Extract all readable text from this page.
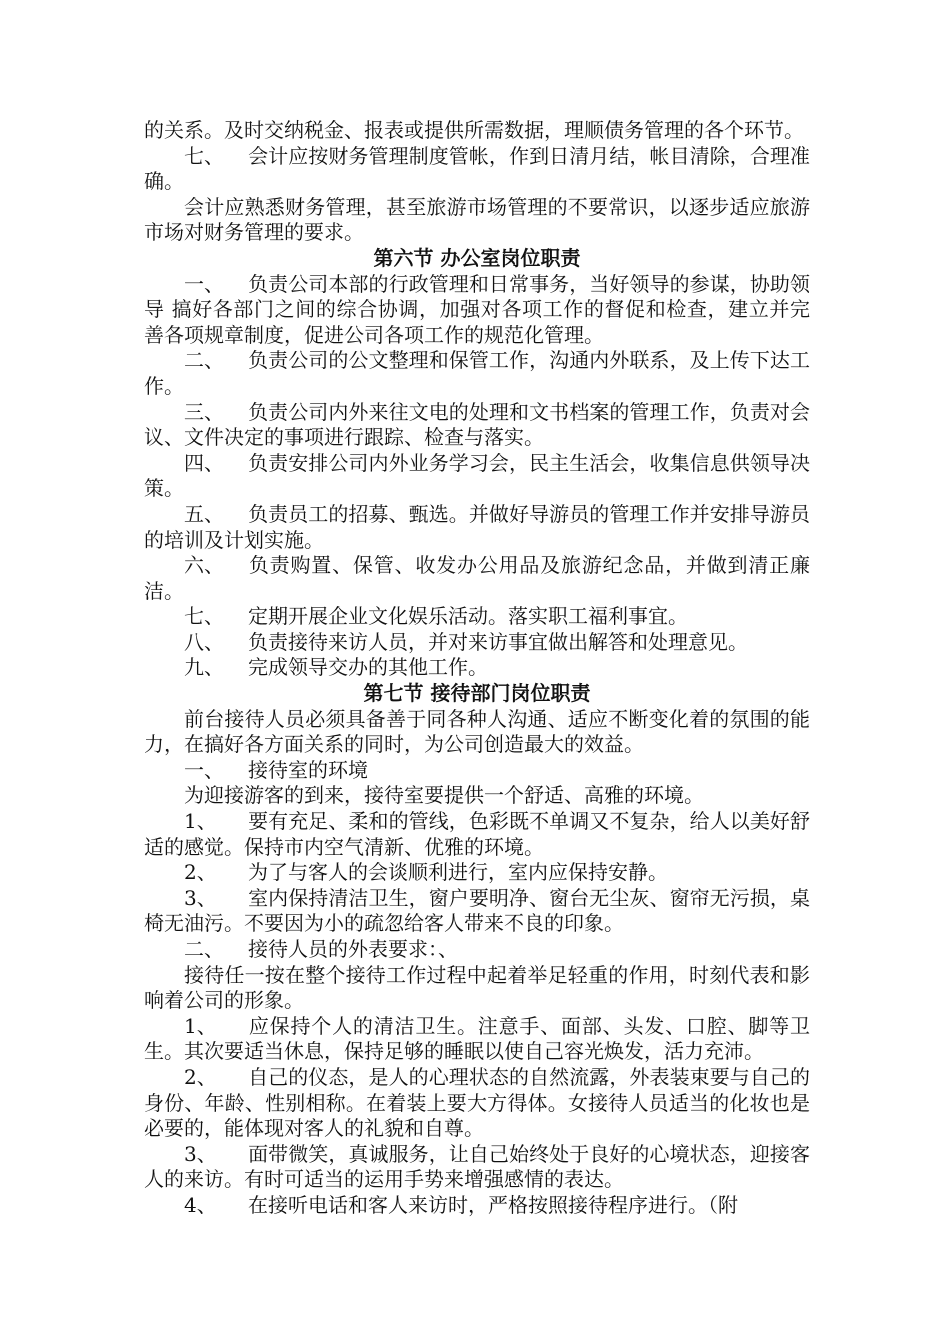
的关系。及时交纳税金、报表或提供所需数据，理顺债务管理的各个环节。

七、 会计应按财务管理制度管帐，作到日清月结，帐目清除，合理准确。

会计应熟悉财务管理，甚至旅游市场管理的不要常识，以逐步适应旅游市场对财务管理的要求。

第六节 办公室岗位职责

一、 负责公司本部的行政管理和日常事务，当好领导的参谋，协助领导 搞好各部门之间的综合协调，加强对各项工作的督促和检查，建立并完善各项规章制度，促进公司各项工作的规范化管理。

二、 负责公司的公文整理和保管工作，沟通内外联系，及上传下达工作。

三、 负责公司内外来往文电的处理和文书档案的管理工作，负责对会议、文件决定的事项进行跟踪、检查与落实。

四、 负责安排公司内外业务学习会，民主生活会，收集信息供领导决策。

五、 负责员工的招募、甄选。并做好导游员的管理工作并安排导游员的培训及计划实施。

六、 负责购置、保管、收发办公用品及旅游纪念品，并做到清正廉洁。

七、 定期开展企业文化娱乐活动。落实职工福利事宜。

八、 负责接待来访人员，并对来访事宜做出解答和处理意见。

九、 完成领导交办的其他工作。

第七节 接待部门岗位职责

前台接待人员必须具备善于同各种人沟通、适应不断变化着的氛围的能力，在搞好各方面关系的同时，为公司创造最大的效益。

一、 接待室的环境

为迎接游客的到来，接待室要提供一个舒适、高雅的环境。

1、 要有充足、柔和的管线，色彩既不单调又不复杂，给人以美好舒适的感觉。保持市内空气清新、优雅的环境。

2、 为了与客人的会谈顺利进行，室内应保持安静。

3、 室内保持清洁卫生，窗户要明净、窗台无尘灰、窗帘无污损，桌椅无油污。不要因为小的疏忽给客人带来不良的印象。

二、 接待人员的外表要求：、

接待任一按在整个接待工作过程中起着举足轻重的作用，时刻代表和影响着公司的形象。

1、 应保持个人的清洁卫生。注意手、面部、头发、口腔、脚等卫生。其次要适当休息，保持足够的睡眠以使自己容光焕发，活力充沛。

2、 自己的仪态，是人的心理状态的自然流露，外表装束要与自己的身份、年龄、性别相称。在着装上要大方得体。女接待人员适当的化妆也是必要的，能体现对客人的礼貌和自尊。

3、 面带微笑，真诚服务，让自己始终处于良好的心境状态，迎接客人的来访。有时可适当的运用手势来增强感情的表达。

4、 在接听电话和客人来访时，严格按照接待程序进行。（附
